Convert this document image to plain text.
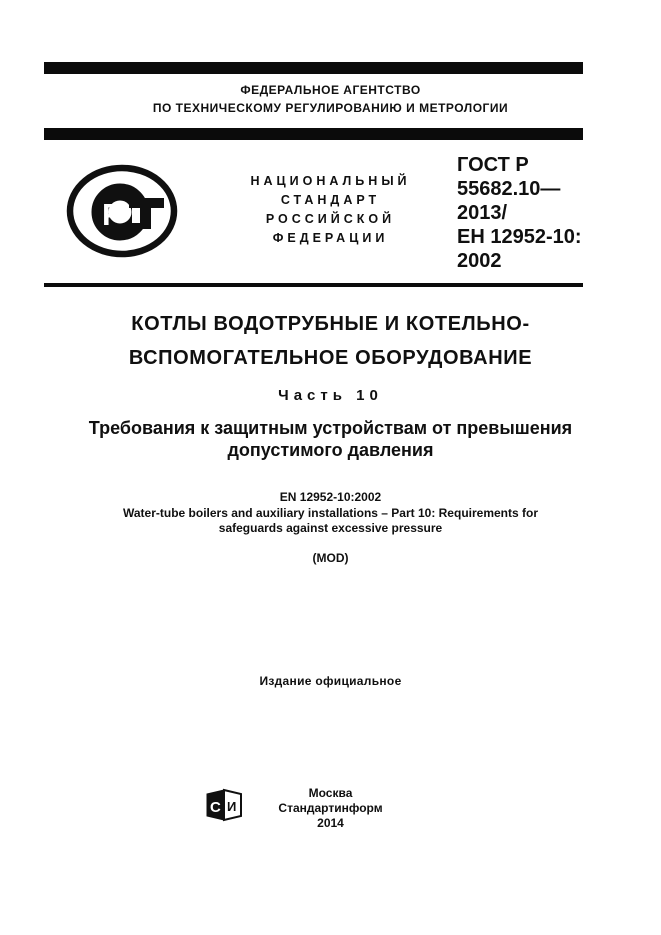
ФЕДЕРАЛЬНОЕ АГЕНТСТВО
ПО ТЕХНИЧЕСКОМУ РЕГУЛИРОВАНИЮ И МЕТРОЛОГИИ
Р
НАЦИОНАЛЬНЫЙ
СТАНДАРТ
РОССИЙСКОЙ
ФЕДЕРАЦИИ
ГОСТ Р
55682.10—
2013/
ЕН 12952-10:
2002
КОТЛЫ ВОДОТРУБНЫЕ И КОТЕЛЬНО-
ВСПОМОГАТЕЛЬНОЕ ОБОРУДОВАНИЕ
Часть 10
Требования к защитным устройствам от превышения
допустимого давления
EN 12952-10:2002
Water-tube boilers and auxiliary installations – Part 10: Requirements for
safeguards against excessive pressure
(MOD)
Издание официальное
С И
Москва
Стандартинформ
2014
